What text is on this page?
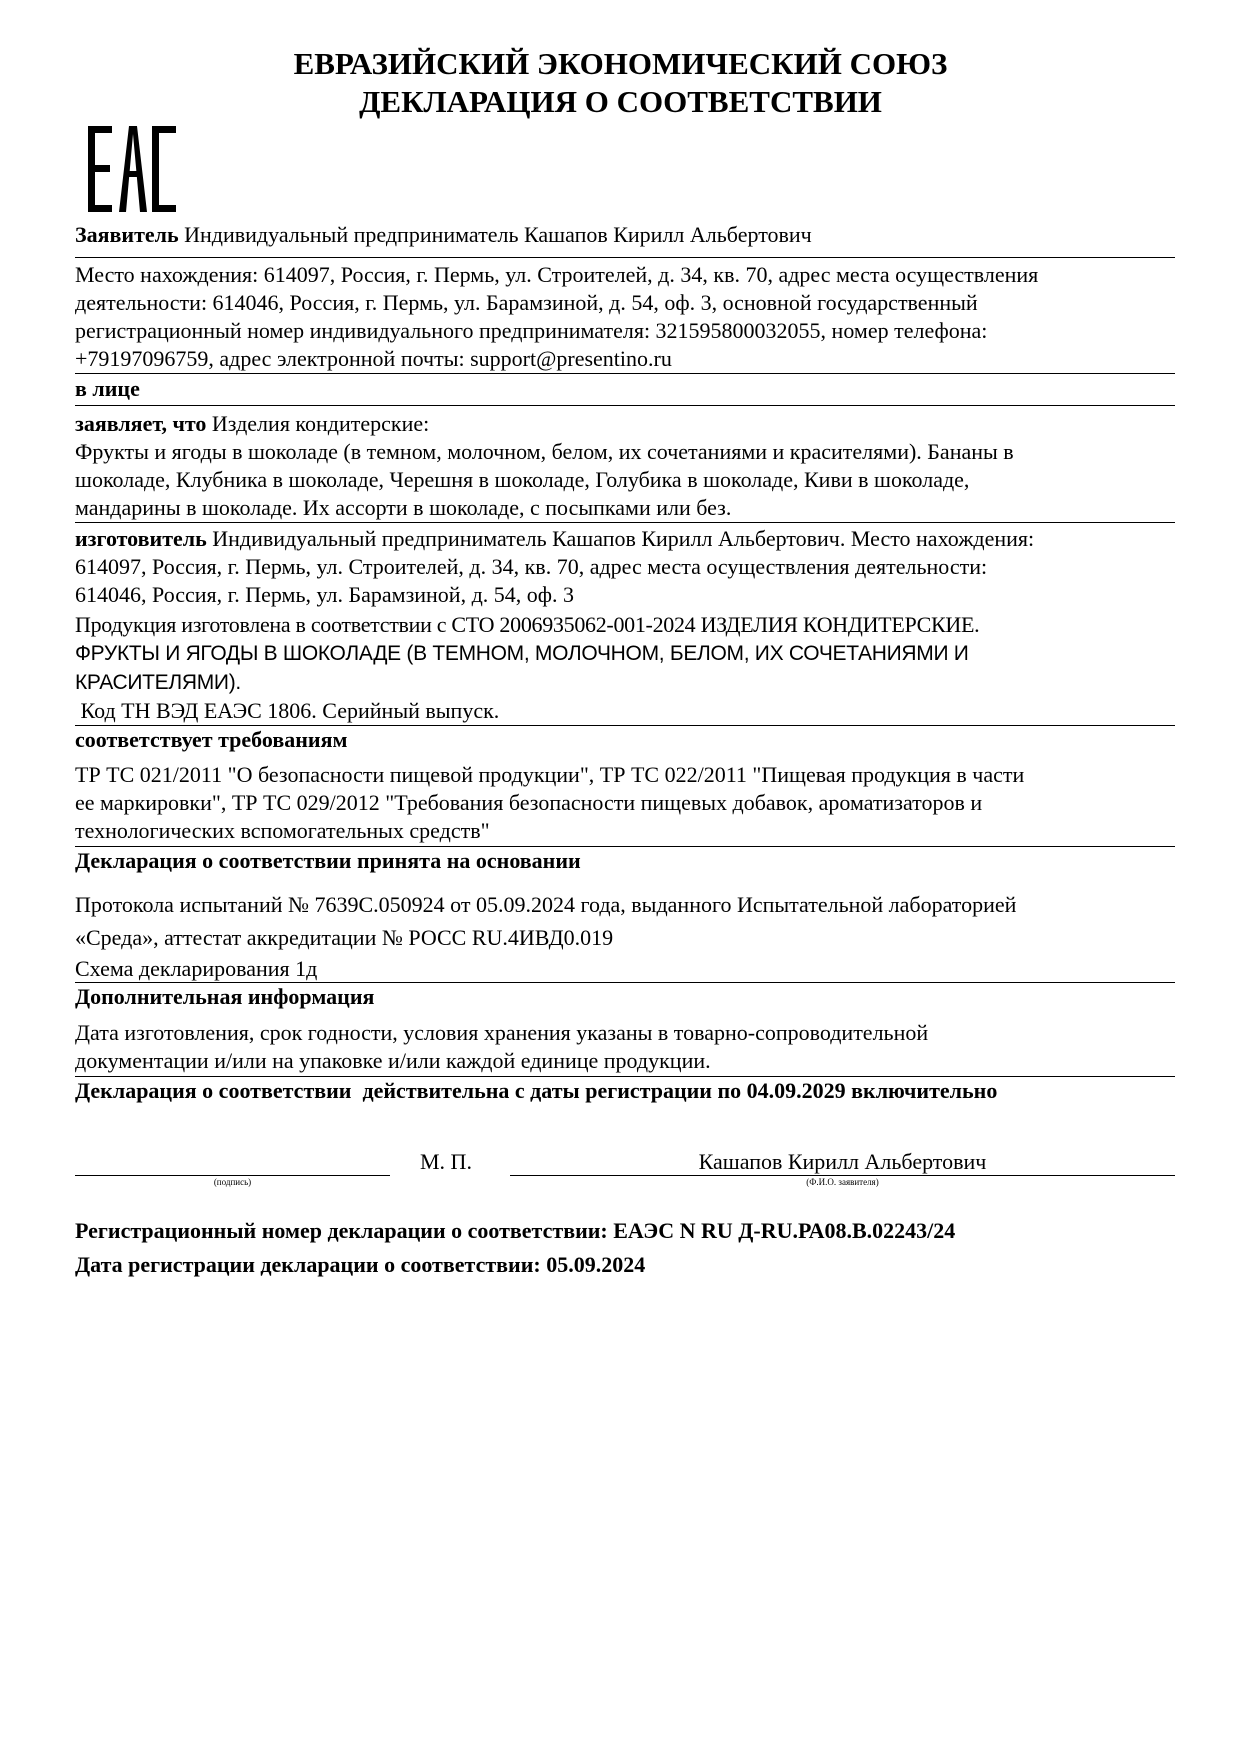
ЕВРАЗИЙСКИЙ ЭКОНОМИЧЕСКИЙ СОЮЗ
ДЕКЛАРАЦИЯ О СООТВЕТСТВИИ
Заявитель Индивидуальный предприниматель Кашапов Кирилл Альбертович

Место нахождения: 614097, Россия, г. Пермь, ул. Строителей, д. 34, кв. 70, адрес места осуществления

деятельности: 614046, Россия, г. Пермь, ул. Барамзиной, д. 54, оф. 3, основной государственный

регистрационный номер индивидуального предпринимателя: 321595800032055, номер телефона:

+79197096759, адрес электронной почты: support@presentino.ru

в лице

заявляет, что Изделия кондитерские:

Фрукты и ягоды в шоколаде (в темном, молочном, белом, их сочетаниями и красителями). Бананы в

шоколаде, Клубника в шоколаде, Черешня в шоколаде, Голубика в шоколаде, Киви в шоколаде,

мандарины в шоколаде. Их ассорти в шоколаде, с посыпками или без.

изготовитель Индивидуальный предприниматель Кашапов Кирилл Альбертович. Место нахождения:

614097, Россия, г. Пермь, ул. Строителей, д. 34, кв. 70, адрес места осуществления деятельности:

614046, Россия, г. Пермь, ул. Барамзиной, д. 54, оф. 3

Продукция изготовлена в соответствии с СТО 2006935062-001-2024 ИЗДЕЛИЯ КОНДИТЕРСКИЕ.

ФРУКТЫ И ЯГОДЫ В ШОКОЛАДЕ (В ТЕМНОМ, МОЛОЧНОМ, БЕЛОМ, ИХ СОЧЕТАНИЯМИ И

КРАСИТЕЛЯМИ).

Код ТН ВЭД ЕАЭС 1806. Серийный выпуск.
соответствует требованиям

ТР ТС 021/2011 "О безопасности пищевой продукции", ТР ТС 022/2011 "Пищевая продукция в части

ее маркировки", ТР ТС 029/2012 "Требования безопасности пищевых добавок, ароматизаторов и

технологических вспомогательных средств"

Декларация о соответствии принята на основании

Протокола испытаний № 7639С.050924 от 05.09.2024 года, выданного Испытательной лабораторией

«Среда», аттестат аккредитации № РОСС RU.4ИВД0.019

Схема декларирования 1д
Дополнительная информация

Дата изготовления, срок годности, условия хранения указаны в товарно-сопроводительной

документации и/или на упаковке и/или каждой единице продукции.

Декларация о соответствии  действительна с даты регистрации по 04.09.2029 включительно
(подпись)
М. П.	Кашапов Кирилл Альбертович
(Ф.И.О. заявителя)
Регистрационный номер декларации о соответствии: ЕАЭС N RU Д-RU.РА08.В.02243/24
Дата регистрации декларации о соответствии: 05.09.2024
